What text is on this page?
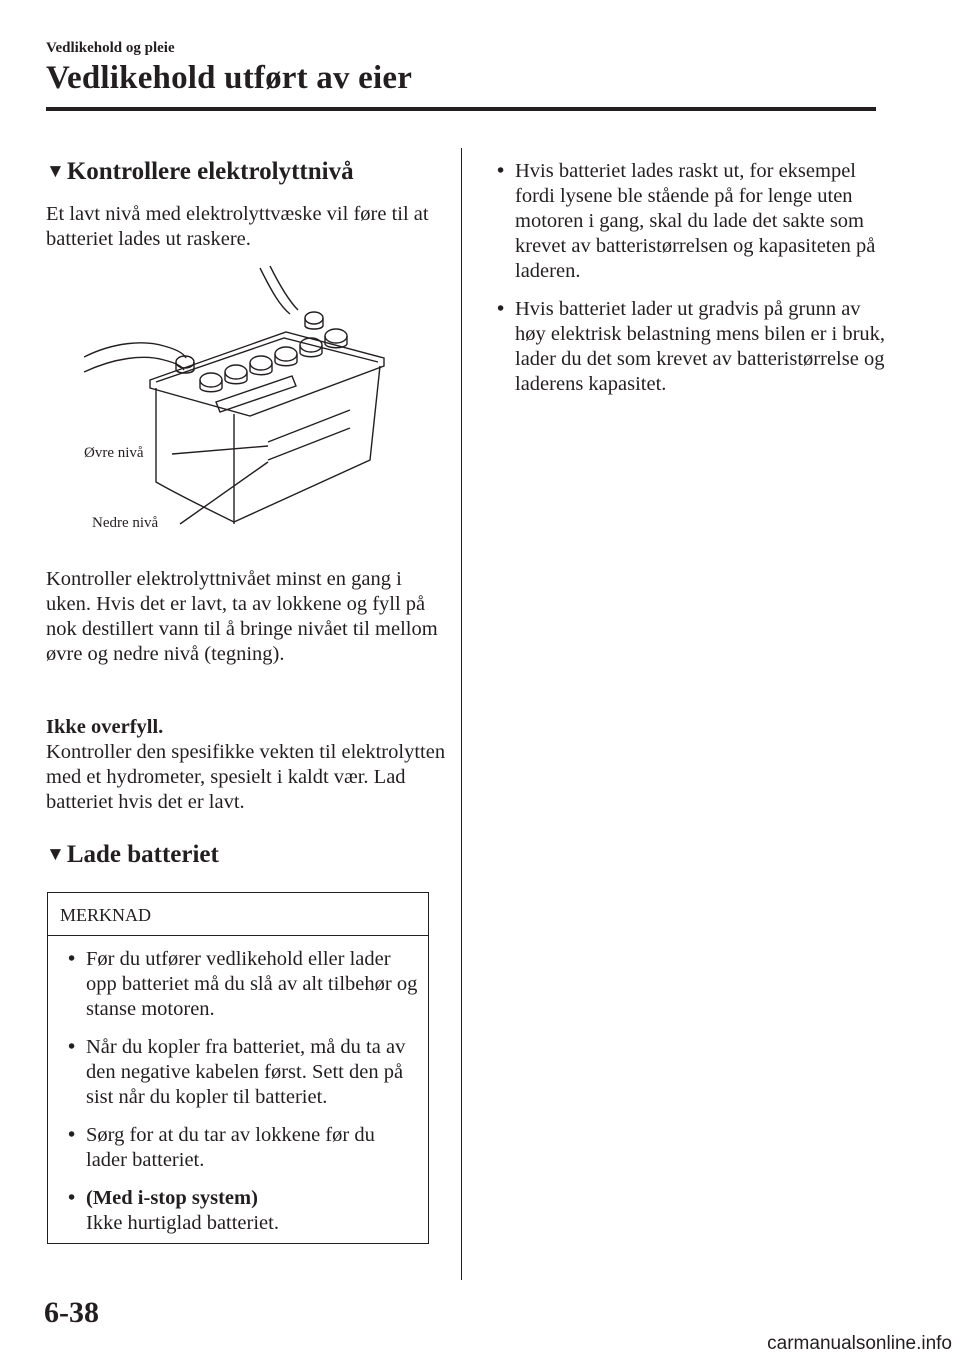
Vedlikehold og pleie
Vedlikehold utført av eier
▼Kontrollere elektrolyttnivå

Et lavt nivå med elektrolyttvæske vil føre til at batteriet lades ut raskere.

Øvre nivå
Nedre nivå

Kontroller elektrolyttnivået minst en gang i uken. Hvis det er lavt, ta av lokkene og fyll på nok destillert vann til å bringe nivået til mellom øvre og nedre nivå (tegning).

Ikke overfyll.

Kontroller den spesifikke vekten til elektrolytten med et hydrometer, spesielt i kaldt vær. Lad batteriet hvis det er lavt.

▼Lade batteriet
MERKNAD
• Før du utfører vedlikehold eller lader opp batteriet må du slå av alt tilbehør og stanse motoren.
• Når du kopler fra batteriet, må du ta av den negative kabelen først. Sett den på sist når du kopler til batteriet.
• Sørg for at du tar av lokkene før du lader batteriet.
• (Med i-stop system)
Ikke hurtiglad batteriet.
• Hvis batteriet lades raskt ut, for eksempel fordi lysene ble stående på for lenge uten motoren i gang, skal du lade det sakte som krevet av batteristørrelsen og kapasiteten på laderen.
• Hvis batteriet lader ut gradvis på grunn av høy elektrisk belastning mens bilen er i bruk, lader du det som krevet av batteristørrelse og laderens kapasitet.
6-38
carmanualsonline.info
